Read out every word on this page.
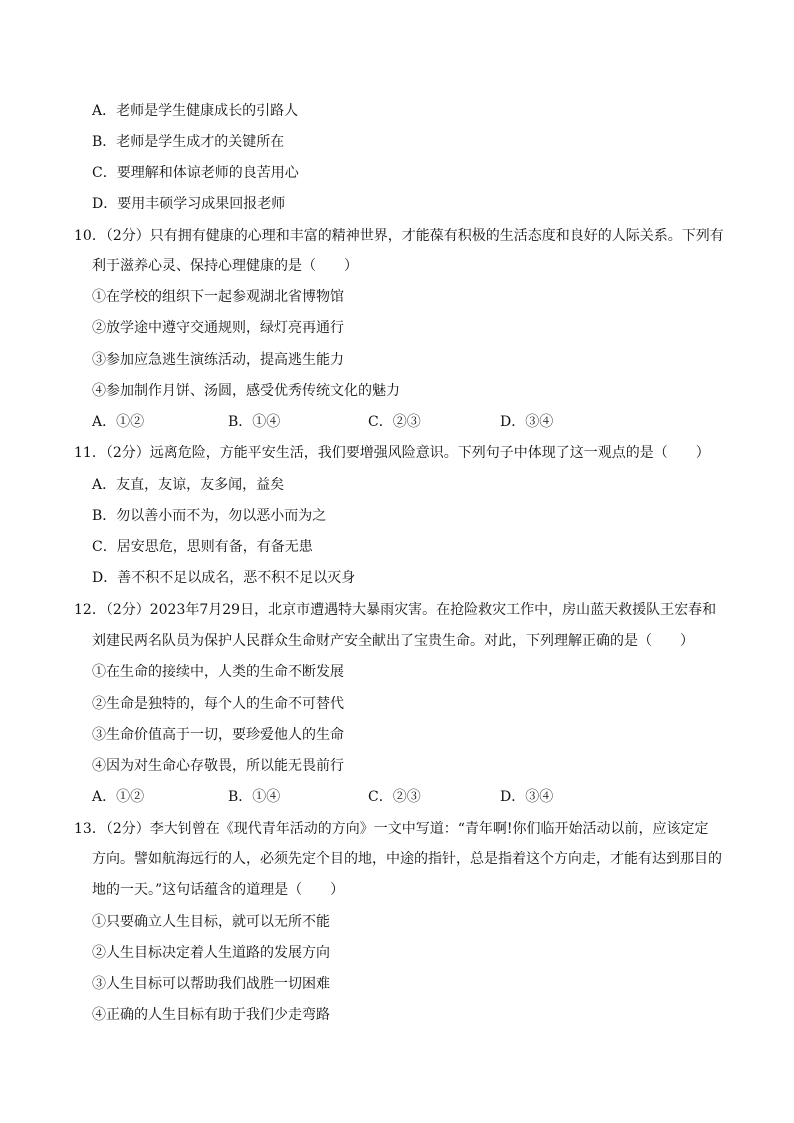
A．老师是学生健康成长的引路人
B．老师是学生成才的关键所在
C．要理解和体谅老师的良苦用心
D．要用丰硕学习成果回报老师
10．（2分）只有拥有健康的心理和丰富的精神世界，才能葆有积极的生活态度和良好的人际关系。下列有
利于滋养心灵、保持心理健康的是（　　）
①在学校的组织下一起参观湖北省博物馆
②放学途中遵守交通规则，绿灯亮再通行
③参加应急逃生演练活动，提高逃生能力
④参加制作月饼、汤圆，感受优秀传统文化的魅力
A．①②	B．①④	C．②③	D．③④
11．（2分）远离危险，方能平安生活，我们要增强风险意识。下列句子中体现了这一观点的是（　　）
A．友直，友谅，友多闻，益矣
B．勿以善小而不为，勿以恶小而为之
C．居安思危，思则有备，有备无患
D．善不积不足以成名，恶不积不足以灭身
12．（2分）2023年7月29日，北京市遭遇特大暴雨灾害。在抢险救灾工作中，房山蓝天救援队王宏春和
刘建民两名队员为保护人民群众生命财产安全献出了宝贵生命。对此，下列理解正确的是（　　）
①在生命的接续中，人类的生命不断发展
②生命是独特的，每个人的生命不可替代
③生命价值高于一切，要珍爱他人的生命
④因为对生命心存敬畏，所以能无畏前行
A．①②	B．①④	C．②③	D．③④
13．（2分）李大钊曾在《现代青年活动的方向》一文中写道：“青年啊!你们临开始活动以前，应该定定
方向。譬如航海远行的人，必须先定个目的地，中途的指针，总是指着这个方向走，才能有达到那目的
地的一天。”这句话蕴含的道理是（　　）
①只要确立人生目标，就可以无所不能
②人生目标决定着人生道路的发展方向
③人生目标可以帮助我们战胜一切困难
④正确的人生目标有助于我们少走弯路
